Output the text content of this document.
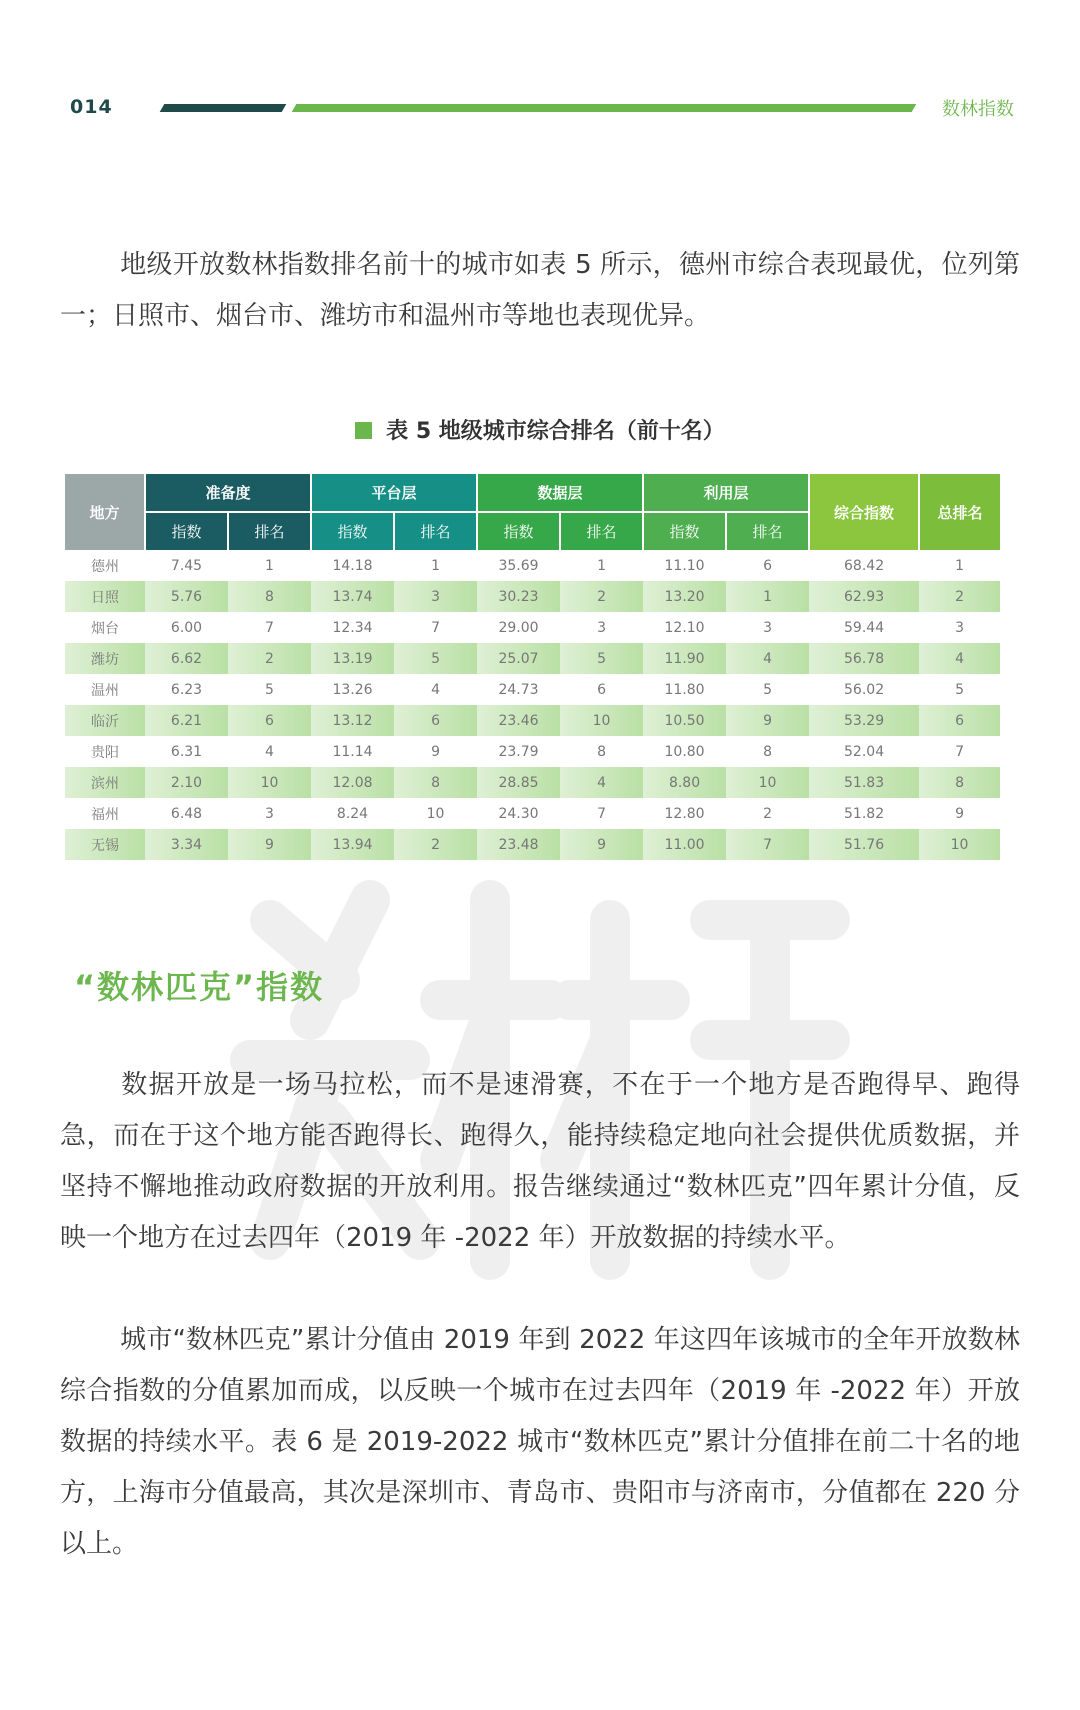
014	数林指数

地级开放数林指数排名前十的城市如表 5 所示，德州市综合表现最优，位列第一；日照市、烟台市、潍坊市和温州市等地也表现优异。

表 5 地级城市综合排名（前十名）
地方	准备度		平台层		数据层		利用层		综合指数	总排名
	指数	排名	指数	排名	指数	排名	指数	排名		
德州	7.45	1	14.18	1	35.69	1	11.10	6	68.42	1
日照	5.76	8	13.74	3	30.23	2	13.20	1	62.93	2
烟台	6.00	7	12.34	7	29.00	3	12.10	3	59.44	3
潍坊	6.62	2	13.19	5	25.07	5	11.90	4	56.78	4
温州	6.23	5	13.26	4	24.73	6	11.80	5	56.02	5
临沂	6.21	6	13.12	6	23.46	10	10.50	9	53.29	6
贵阳	6.31	4	11.14	9	23.79	8	10.80	8	52.04	7
滨州	2.10	10	12.08	8	28.85	4	8.80	10	51.83	8
福州	6.48	3	8.24	10	24.30	7	12.80	2	51.82	9
无锡	3.34	9	13.94	2	23.48	9	11.00	7	51.76	10
“数林匹克”指数

数据开放是一场马拉松，而不是速滑赛，不在于一个地方是否跑得早、跑得急，而在于这个地方能否跑得长、跑得久，能持续稳定地向社会提供优质数据，并坚持不懈地推动政府数据的开放利用。报告继续通过“数林匹克”四年累计分值，反映一个地方在过去四年（2019 年 -2022 年）开放数据的持续水平。

城市“数林匹克”累计分值由 2019 年到 2022 年这四年该城市的全年开放数林综合指数的分值累加而成，以反映一个城市在过去四年（2019 年 -2022 年）开放数据的持续水平。表 6 是 2019-2022 城市“数林匹克”累计分值排在前二十名的地方，上海市分值最高，其次是深圳市、青岛市、贵阳市与济南市，分值都在 220 分以上。
